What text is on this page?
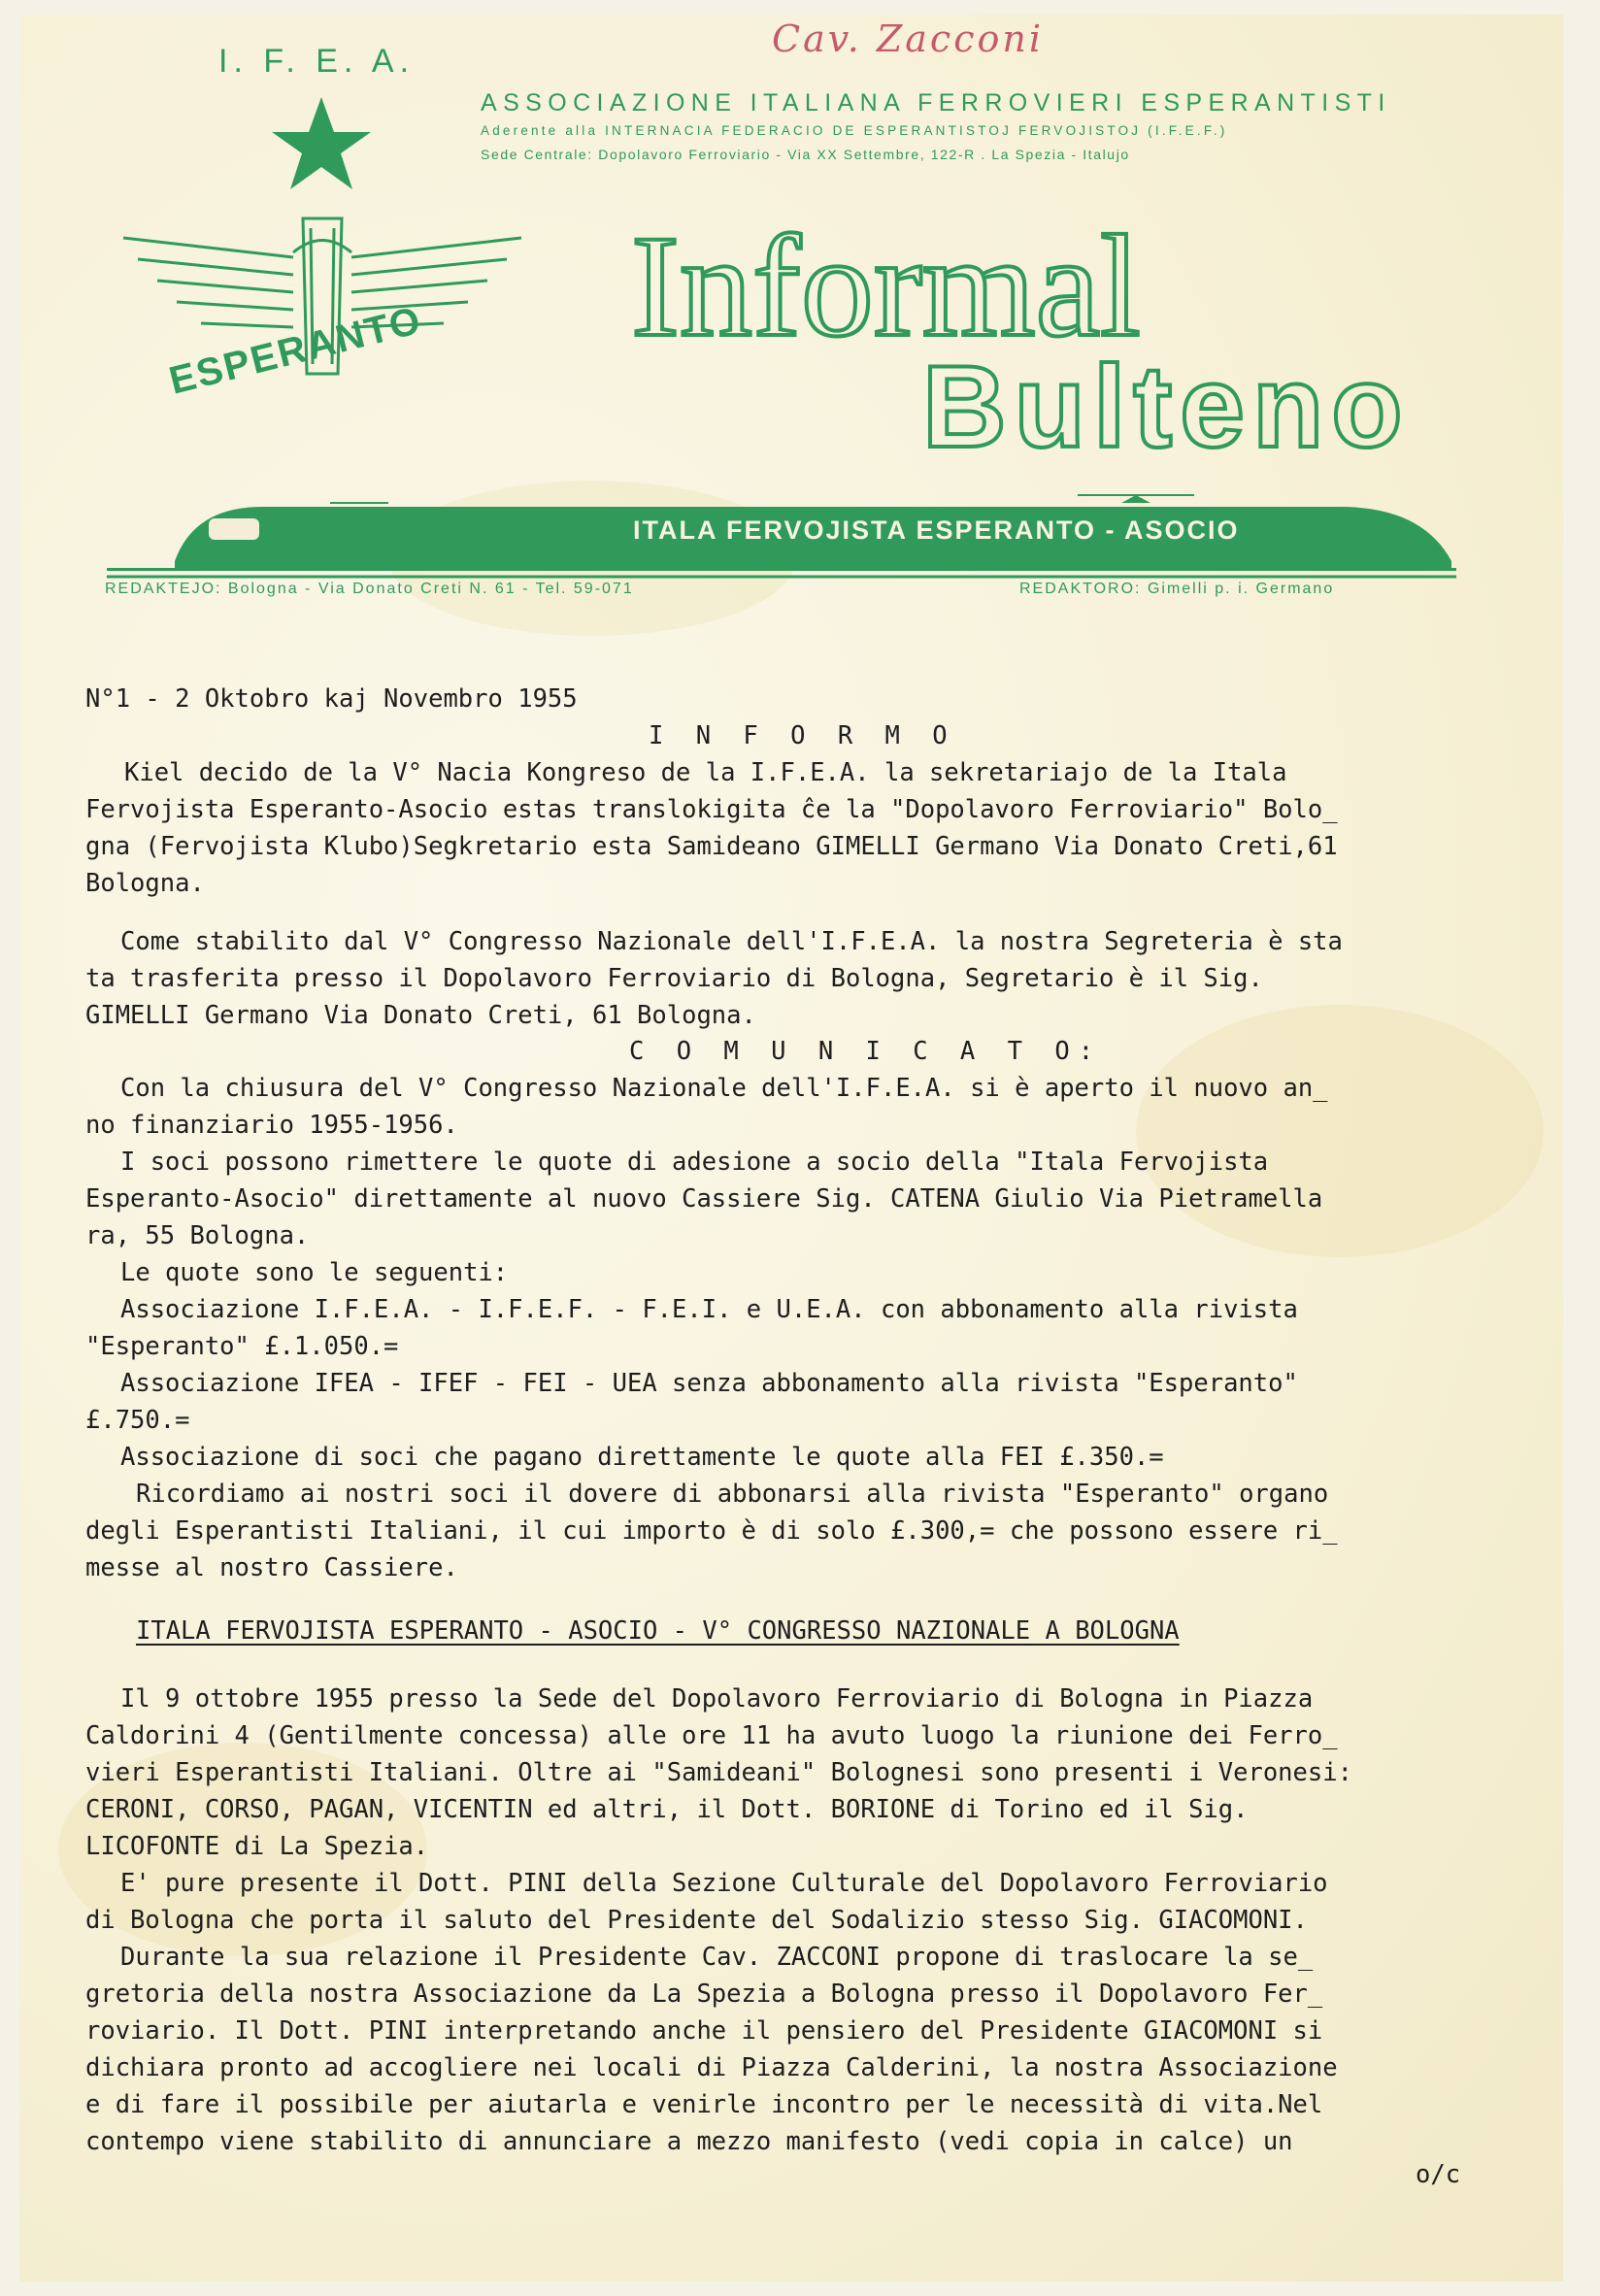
Cav. Zacconi
I. F. E. A.
ASSOCIAZIONE ITALIANA FERROVIERI ESPERANTISTI
Aderente alla INTERNACIA FEDERACIO DE ESPERANTISTOJ FERVOJISTOJ (I.F.E.F.)
Sede Centrale: Dopolavoro Ferroviario - Via XX Settembre, 122-R . La Spezia - Italujo
ESPERANTO Informal
Bulteno
ITALA FERVOJISTA ESPERANTO - ASOCIO
REDAKTEJO: Bologna - Via Donato Creti N. 61 - Tel. 59-071	REDAKTORO: Gimelli p. i. Germano
N°1 - 2 Oktobro kaj Novembro 1955
I N F O R M O
Kiel decido de la V° Nacia Kongreso de la I.F.E.A. la sekretariajo de la Itala
Fervojista Esperanto-Asocio estas translokigita ĉe la "Dopolavoro Ferroviario" Bolo_
gna (Fervojista Klubo)Segkretario esta Samideano GIMELLI Germano Via Donato Creti,61
Bologna.
Come stabilito dal V° Congresso Nazionale dell'I.F.E.A. la nostra Segreteria è sta
ta trasferita presso il Dopolavoro Ferroviario di Bologna, Segretario è il Sig.
GIMELLI Germano Via Donato Creti, 61 Bologna.
C O M U N I C A T O:
Con la chiusura del V° Congresso Nazionale dell'I.F.E.A. si è aperto il nuovo an_
no finanziario 1955-1956.
I soci possono rimettere le quote di adesione a socio della "Itala Fervojista
Esperanto-Asocio" direttamente al nuovo Cassiere Sig. CATENA Giulio Via Pietramella
ra, 55 Bologna.
Le quote sono le seguenti:
Associazione I.F.E.A. - I.F.E.F. - F.E.I. e U.E.A. con abbonamento alla rivista
"Esperanto" £.1.050.=
Associazione IFEA - IFEF - FEI - UEA senza abbonamento alla rivista "Esperanto"
£.750.=
Associazione di soci che pagano direttamente le quote alla FEI £.350.=
Ricordiamo ai nostri soci il dovere di abbonarsi alla rivista "Esperanto" organo
degli Esperantisti Italiani, il cui importo è di solo £.300,= che possono essere ri_
messe al nostro Cassiere.
ITALA FERVOJISTA ESPERANTO - ASOCIO - V° CONGRESSO NAZIONALE A BOLOGNA
Il 9 ottobre 1955 presso la Sede del Dopolavoro Ferroviario di Bologna in Piazza
Caldorini 4 (Gentilmente concessa) alle ore 11 ha avuto luogo la riunione dei Ferro_
vieri Esperantisti Italiani. Oltre ai "Samideani" Bolognesi sono presenti i Veronesi:
CERONI, CORSO, PAGAN, VICENTIN ed altri, il Dott. BORIONE di Torino ed il Sig.
LICOFONTE di La Spezia.
E' pure presente il Dott. PINI della Sezione Culturale del Dopolavoro Ferroviario
di Bologna che porta il saluto del Presidente del Sodalizio stesso Sig. GIACOMONI.
Durante la sua relazione il Presidente Cav. ZACCONI propone di traslocare la se_
gretoria della nostra Associazione da La Spezia a Bologna presso il Dopolavoro Fer_
roviario. Il Dott. PINI interpretando anche il pensiero del Presidente GIACOMONI si
dichiara pronto ad accogliere nei locali di Piazza Calderini, la nostra Associazione
e di fare il possibile per aiutarla e venirle incontro per le necessità di vita.Nel
contempo viene stabilito di annunciare a mezzo manifesto (vedi copia in calce) un
o/c
